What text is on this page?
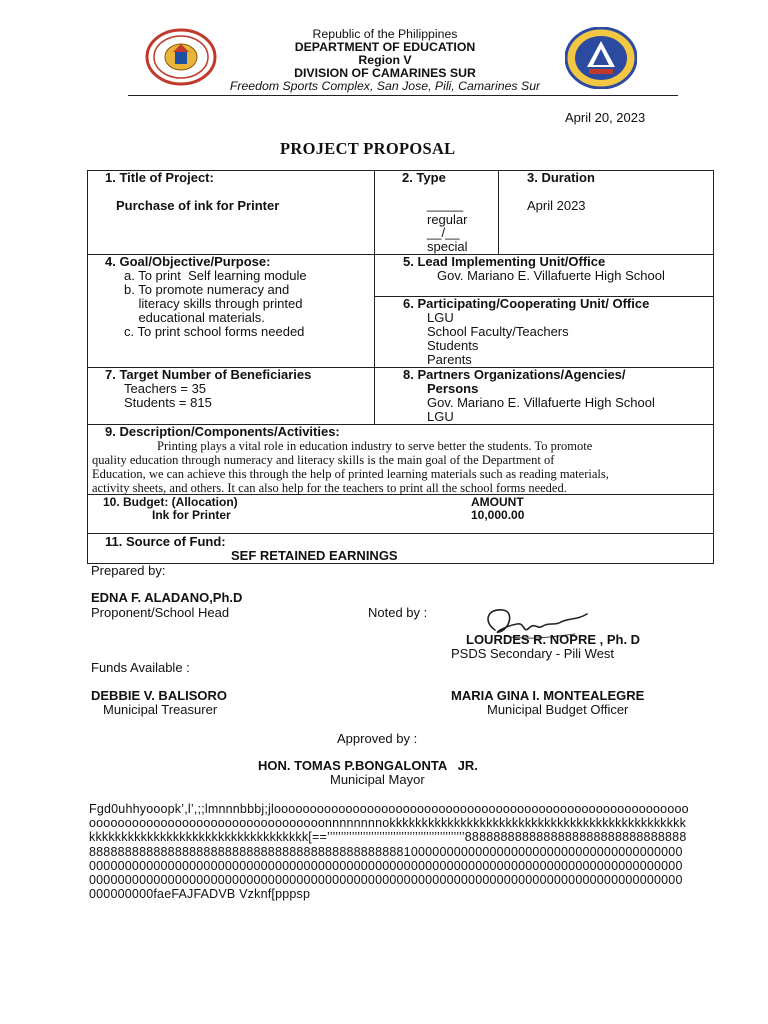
Republic of the Philippines
DEPARTMENT OF EDUCATION
Region V
DIVISION OF CAMARINES SUR
Freedom Sports Complex, San Jose, Pili, Camarines Sur
April 20, 2023
PROJECT PROPOSAL
1. Title of Project:
Purchase of ink for Printer
2. Type
_____
regular
__/__
special
3. Duration
April 2023
4. Goal/Objective/Purpose:
a. To print  Self learning module
b. To promote numeracy and
literacy skills through printed
educational materials.
c. To print school forms needed
5. Lead Implementing Unit/Office
Gov. Mariano E. Villafuerte High School
6. Participating/Cooperating Unit/ Office
LGU
School Faculty/Teachers
Students
Parents
7. Target Number of Beneficiaries
Teachers = 35
Students = 815
8. Partners Organizations/Agencies/
Persons
Gov. Mariano E. Villafuerte High School
LGU
9. Description/Components/Activities:
Printing plays a vital role in education industry to serve better the students. To promote
quality education through numeracy and literacy skills is the main goal of the Department of
Education, we can achieve this through the help of printed learning materials such as reading materials,
activity sheets, and others. It can also help for the teachers to print all the school forms needed.
10. Budget: (Allocation)
Ink for Printer
AMOUNT
10,000.00
11. Source of Fund:
SEF RETAINED EARNINGS
Prepared by:
EDNA F. ALADANO,Ph.D
Proponent/School Head	Noted by :
LOURDES R. NOPRE , Ph. D
PSDS Secondary - Pili West
Funds Available :
DEBBIE V. BALISORO
Municipal Treasurer
MARIA GINA I. MONTEALEGRE
Municipal Budget Officer
Approved by :
HON. TOMAS P.BONGALONTA   JR.
Municipal Mayor
Fgd0uhhyooopk’,l’,;;lmnnnbbbj;jlooooooooooooooooooooooooooooooooooooooooooooooooooooooooooooooooooooooooooooooooooooooooooonnnnnnnnokkkkkkkkkkkkkkkkkkkkkkkkkkkkkkkkkkkkkkkkkkkkkkkkkkkkkkkkkkkkkkkkkkkkkkkkkkkkkkkk[==’’’’’’’’’’’’’’’’’’’’’’’’’’’’’’’’’’’’’’’’’’’’’’’’’’8888888888888888888888888888888888888888888888888888888888888888888888888881000000000000000000000000000000000000000000000000000000000000000000000000000000000000000000000000000000000000000000000000000000000000000000000000000000000000000000000000000000000000000000000000000000000000000000000faeFAJFADVB Vzknf[pppsp
